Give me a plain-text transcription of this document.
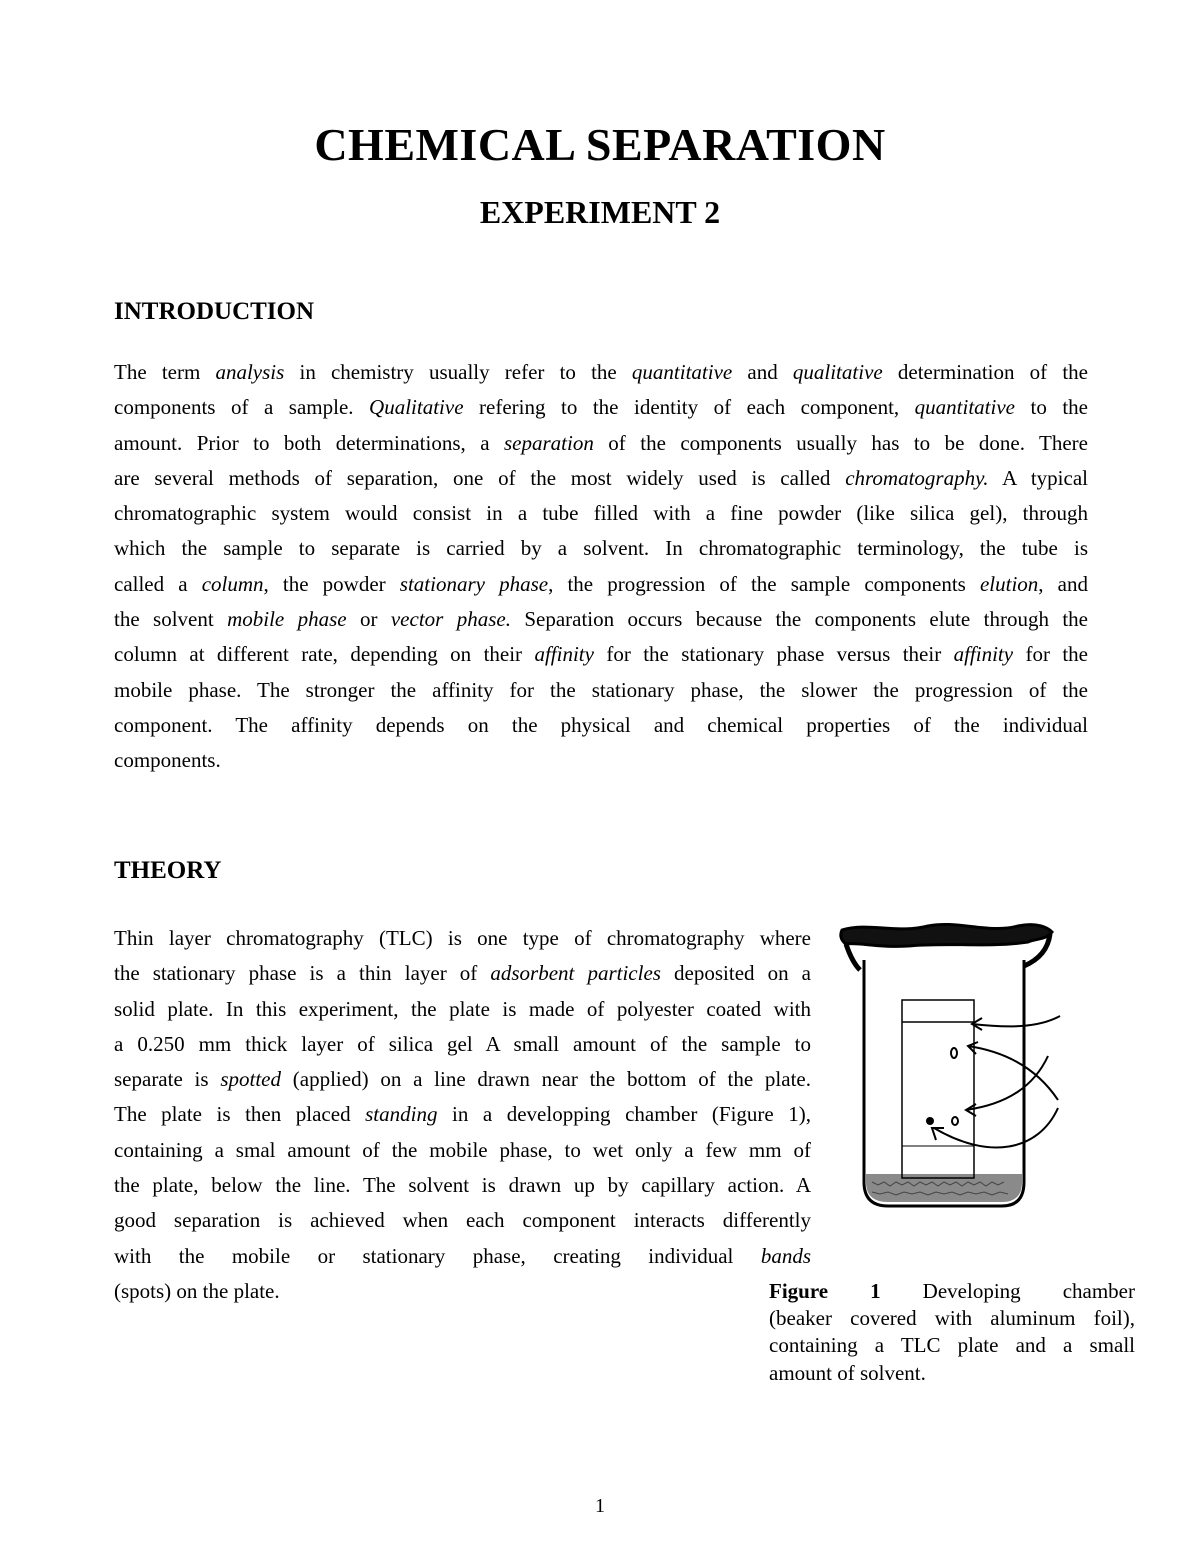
CHEMICAL SEPARATION
EXPERIMENT 2
INTRODUCTION
The term analysis in chemistry usually refer to the quantitative and qualitative determination of the
components of a sample. Qualitative refering to the identity of each component, quantitative to the
amount. Prior to both determinations, a separation of the components usually has to be done. There
are several methods of separation, one of the most widely used is called chromatography. A typical
chromatographic system would consist in a tube filled with a fine powder (like silica gel), through
which the sample to separate is carried by a solvent. In chromatographic terminology, the tube is
called a column, the powder stationary phase, the progression of the sample components elution, and
the solvent mobile phase or vector phase. Separation occurs because the components elute through the
column at different rate, depending on their affinity for the stationary phase versus their affinity for the
mobile phase. The stronger the affinity for the stationary phase, the slower the progression of the
component. The affinity depends on the physical and chemical properties of the individual
components.
THEORY
Thin layer chromatography (TLC) is one type of chromatography where
the stationary phase is a thin layer of adsorbent particles deposited on a
solid plate. In this experiment, the plate is made of polyester coated with
a 0.250 mm thick layer of silica gel A small amount of the sample to
separate is spotted (applied) on a line drawn near the bottom of the plate.
The plate is then placed standing in a developping chamber (Figure 1),
containing a smal amount of the mobile phase, to wet only a few mm of
the plate, below the line. The solvent is drawn up by capillary action. A
good separation is achieved when each component interacts differently
with the mobile or stationary phase, creating individual bands
(spots) on the plate.	Figure 1 Developing chamber
(beaker covered with aluminum foil),
containing a TLC plate and a small
amount of solvent.
1
